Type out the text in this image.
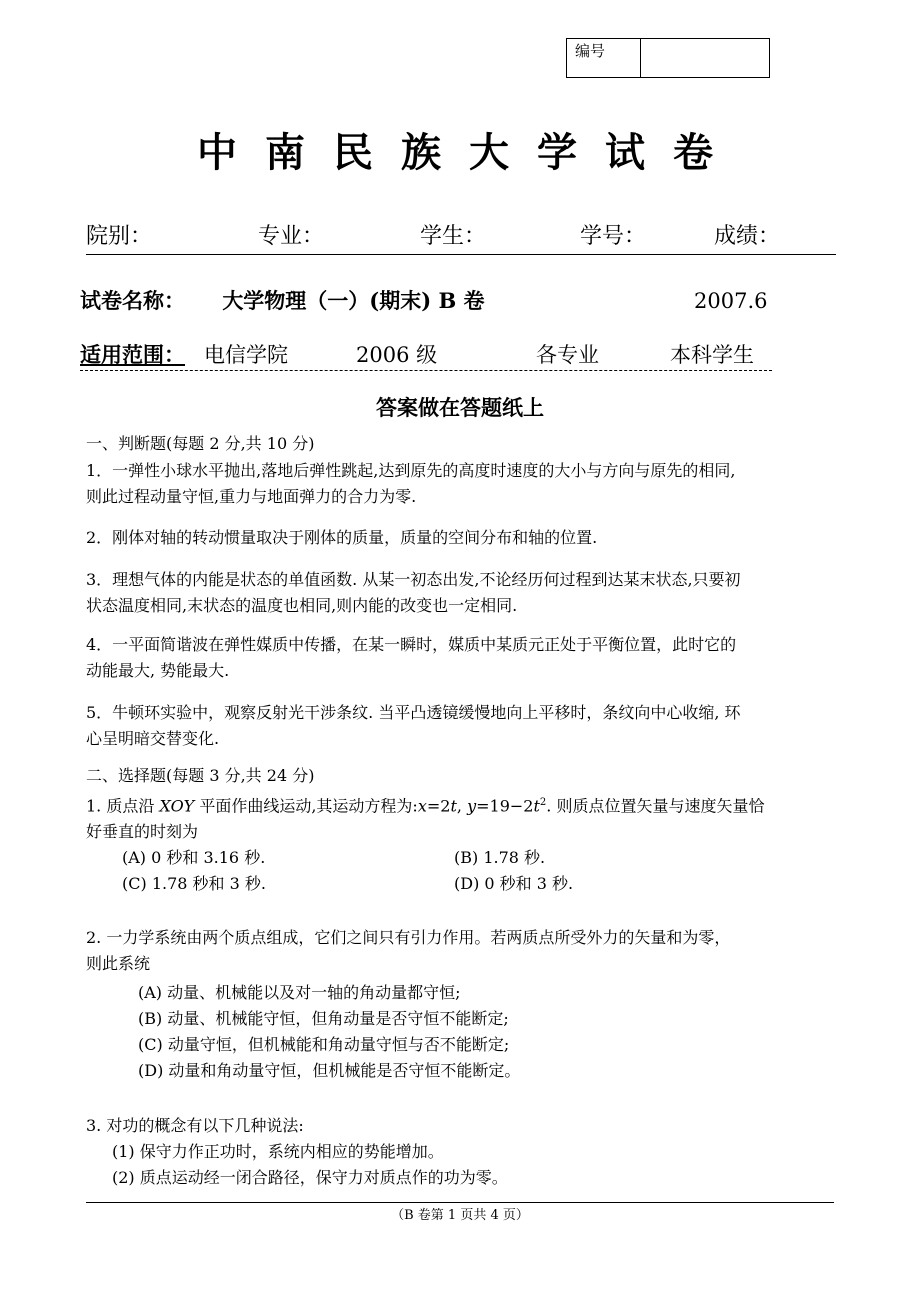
编号
中南民族大学试卷
院别：	专业：	学生：	学号：	成绩：
试卷名称： 大学物理（一）(期末) B 卷	2007.6
适用范围： 电信学院	2006 级	各专业	本科学生
答案做在答题纸上
一、判断题(每题 2 分,共 10 分)
1．一弹性小球水平抛出,落地后弹性跳起,达到原先的高度时速度的大小与方向与原先的相同,
则此过程动量守恒,重力与地面弹力的合力为零.
2．刚体对轴的转动惯量取决于刚体的质量，质量的空间分布和轴的位置.
3．理想气体的内能是状态的单值函数. 从某一初态出发,不论经历何过程到达某末状态,只要初
状态温度相同,末状态的温度也相同,则内能的改变也一定相同.
4．一平面简谐波在弹性媒质中传播，在某一瞬时，媒质中某质元正处于平衡位置，此时它的
动能最大, 势能最大.
5．牛顿环实验中，观察反射光干涉条纹. 当平凸透镜缓慢地向上平移时，条纹向中心收缩, 环
心呈明暗交替变化.
二、选择题(每题 3 分,共 24 分)
1. 质点沿 XOY 平面作曲线运动,其运动方程为:x=2t, $y=19-2t^2$. 则质点位置矢量与速度矢量恰
好垂直的时刻为
(A) 0 秒和 3.16 秒.	(B) 1.78 秒.
(C) 1.78 秒和 3 秒.	(D) 0 秒和 3 秒.
2. 一力学系统由两个质点组成，它们之间只有引力作用。若两质点所受外力的矢量和为零，
则此系统
(A) 动量、机械能以及对一轴的角动量都守恒;
(B) 动量、机械能守恒，但角动量是否守恒不能断定;
(C) 动量守恒，但机械能和角动量守恒与否不能断定;
(D) 动量和角动量守恒，但机械能是否守恒不能断定。
3. 对功的概念有以下几种说法:
(1) 保守力作正功时，系统内相应的势能增加。
(2) 质点运动经一闭合路径，保守力对质点作的功为零。
（B 卷第 1 页共 4 页）
